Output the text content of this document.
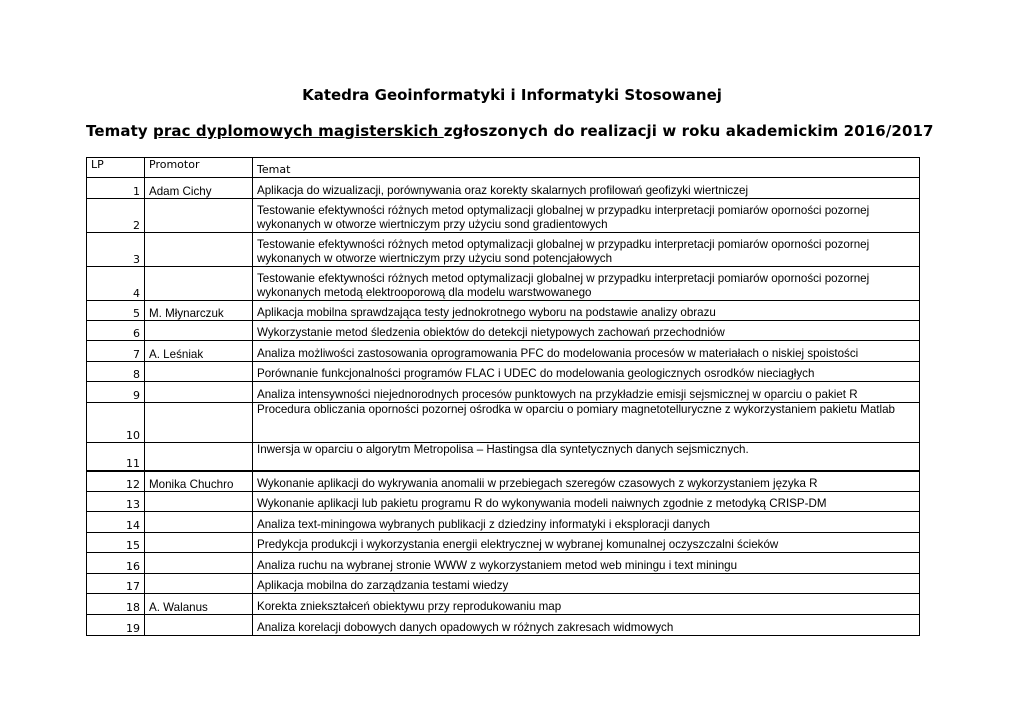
Katedra Geoinformatyki i Informatyki Stosowanej
Tematy prac dyplomowych magisterskich zgłoszonych do realizacji w roku akademickim 2016/2017
LP	Promotor	Temat
1	Adam Cichy	Aplikacja do wizualizacji, porównywania oraz korekty skalarnych profilowań geofizyki wiertniczej
2		Testowanie efektywności różnych metod optymalizacji globalnej w przypadku interpretacji pomiarów oporności pozornej wykonanych w otworze wiertniczym przy użyciu sond gradientowych
3		Testowanie efektywności różnych metod optymalizacji globalnej w przypadku interpretacji pomiarów oporności pozornej wykonanych w otworze wiertniczym przy użyciu sond potencjałowych
4		Testowanie efektywności różnych metod optymalizacji globalnej w przypadku interpretacji pomiarów oporności pozornej wykonanych metodą elektrooporową dla modelu warstwowanego
5	M. Młynarczuk	Aplikacja mobilna sprawdzająca testy jednokrotnego wyboru na podstawie analizy obrazu
6		Wykorzystanie metod śledzenia obiektów do detekcji nietypowych zachowań przechodniów
7	A. Leśniak	Analiza możliwości zastosowania oprogramowania PFC do modelowania procesów w materiałach o niskiej spoistości
8		Porównanie funkcjonalności programów FLAC i UDEC do modelowania geologicznych osrodków nieciagłych
9		Analiza intensywności niejednorodnych procesów punktowych na przykładzie emisji sejsmicznej w oparciu o pakiet R
10		Procedura obliczania oporności pozornej ośrodka w oparciu o pomiary magnetotelluryczne z wykorzystaniem pakietu Matlab
11		Inwersja w oparciu o algorytm Metropolisa – Hastingsa dla syntetycznych danych sejsmicznych.
12	Monika Chuchro	Wykonanie aplikacji do wykrywania anomalii w przebiegach szeregów czasowych z wykorzystaniem języka R
13		Wykonanie aplikacji lub pakietu programu R do wykonywania modeli naiwnych zgodnie z metodyką CRISP-DM
14		Analiza text-miningowa wybranych publikacji z dziedziny informatyki i eksploracji danych
15		Predykcja produkcji i wykorzystania energii elektrycznej w wybranej komunalnej oczyszczalni ścieków
16		Analiza ruchu na wybranej stronie WWW z wykorzystaniem metod web miningu i text miningu
17		Aplikacja mobilna do zarządzania testami wiedzy
18	A. Walanus	Korekta zniekształceń obiektywu przy reprodukowaniu map
19		Analiza korelacji dobowych danych opadowych w różnych zakresach widmowych
